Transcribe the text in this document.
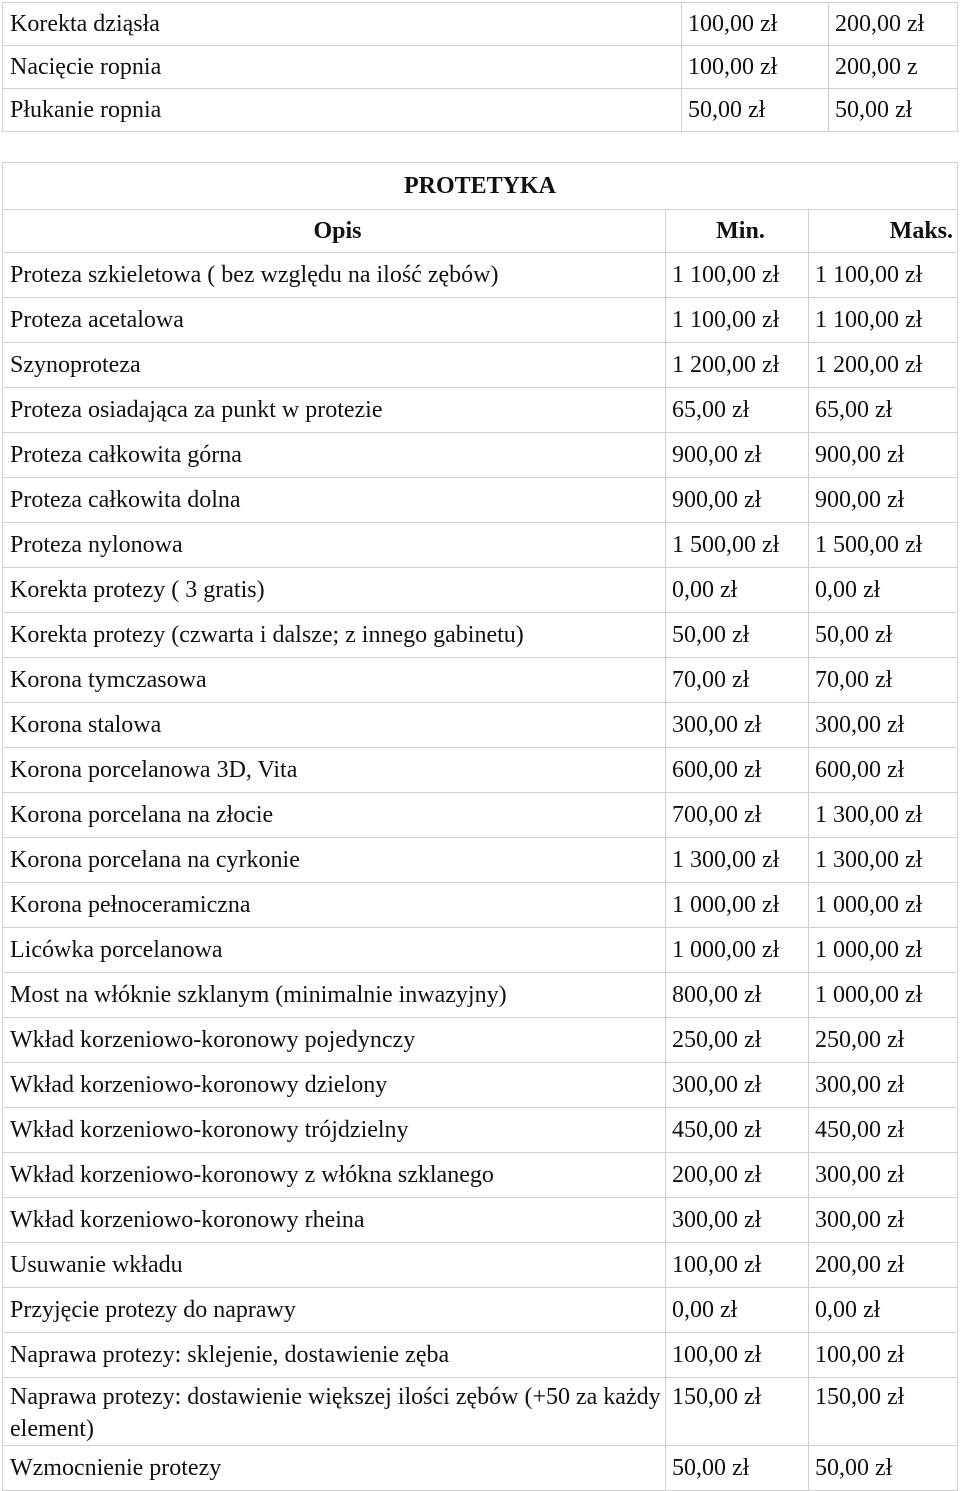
Korekta dziąsła	100,00 zł	200,00 zł
Nacięcie ropnia	100,00 zł	200,00 z
Płukanie ropnia	50,00 zł	50,00 zł
PROTETYKA		
Opis	Min.	Maks.
Proteza szkieletowa ( bez względu na ilość zębów)	1 100,00 zł	1 100,00 zł
Proteza acetalowa	1 100,00 zł	1 100,00 zł
Szynoproteza	1 200,00 zł	1 200,00 zł
Proteza osiadająca za punkt w protezie	65,00 zł	65,00 zł
Proteza całkowita górna	900,00 zł	900,00 zł
Proteza całkowita dolna	900,00 zł	900,00 zł
Proteza nylonowa	1 500,00 zł	1 500,00 zł
Korekta protezy ( 3 gratis)	0,00 zł	0,00 zł
Korekta protezy (czwarta i dalsze; z innego gabinetu)	50,00 zł	50,00 zł
Korona tymczasowa	70,00 zł	70,00 zł
Korona stalowa	300,00 zł	300,00 zł
Korona porcelanowa 3D, Vita	600,00 zł	600,00 zł
Korona porcelana na złocie	700,00 zł	1 300,00 zł
Korona porcelana na cyrkonie	1 300,00 zł	1 300,00 zł
Korona pełnoceramiczna	1 000,00 zł	1 000,00 zł
Licówka porcelanowa	1 000,00 zł	1 000,00 zł
Most na włóknie szklanym (minimalnie inwazyjny)	800,00 zł	1 000,00 zł
Wkład korzeniowo-koronowy pojedynczy	250,00 zł	250,00 zł
Wkład korzeniowo-koronowy dzielony	300,00 zł	300,00 zł
Wkład korzeniowo-koronowy trójdzielny	450,00 zł	450,00 zł
Wkład korzeniowo-koronowy z włókna szklanego	200,00 zł	300,00 zł
Wkład korzeniowo-koronowy rheina	300,00 zł	300,00 zł
Usuwanie wkładu	100,00 zł	200,00 zł
Przyjęcie protezy do naprawy	0,00 zł	0,00 zł
Naprawa protezy: sklejenie, dostawienie zęba	100,00 zł	100,00 zł
Naprawa protezy: dostawienie większej ilości zębów (+50 za każdy element)	150,00 zł	150,00 zł
Wzmocnienie protezy	50,00 zł	50,00 zł
